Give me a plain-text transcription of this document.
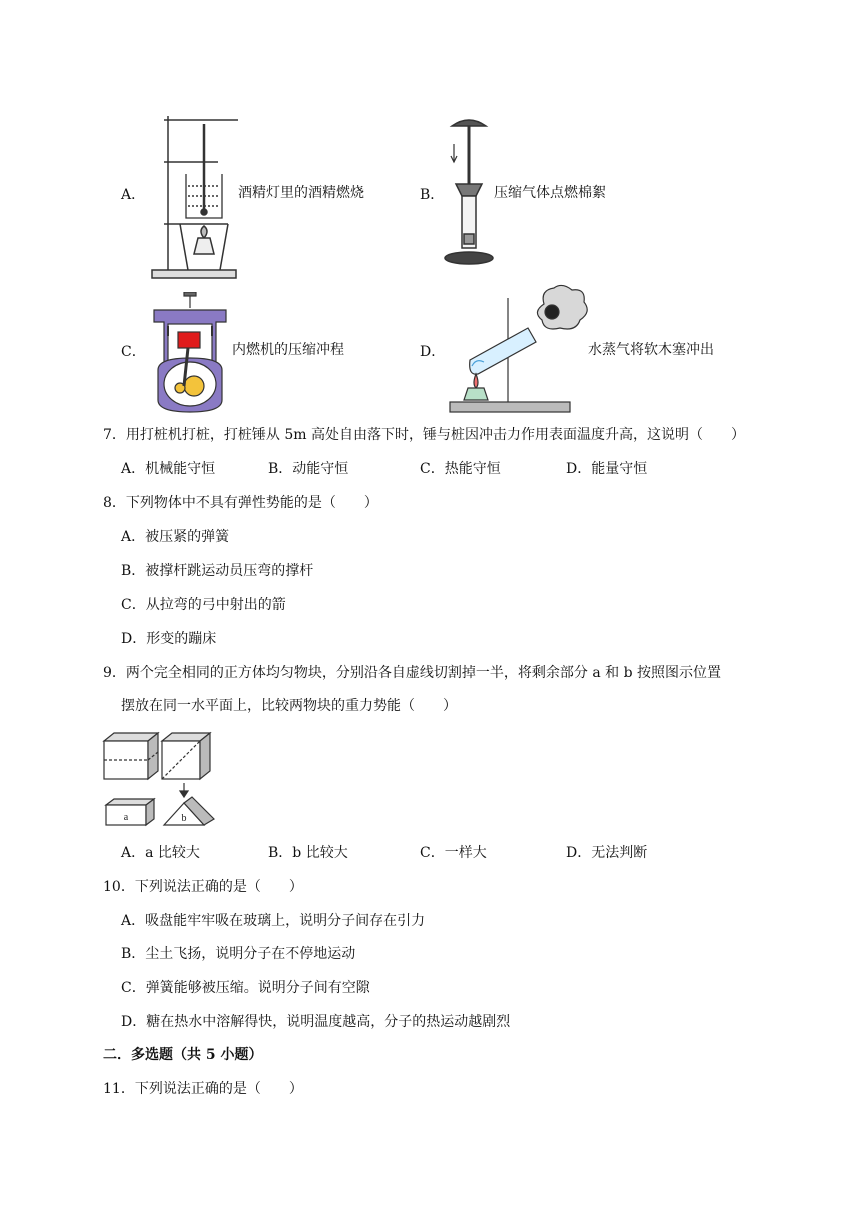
A．	酒精灯里的酒精燃烧	B．	压缩气体点燃棉絮
C．	内燃机的压缩冲程	D．	水蒸气将软木塞冲出
7．用打桩机打桩，打桩锤从 5m 高处自由落下时，锤与桩因冲击力作用表面温度升高，这说明（　　）
A．机械能守恒	B．动能守恒	C．热能守恒	D．能量守恒
8．下列物体中不具有弹性势能的是（　　）
A．被压紧的弹簧
B．被撑杆跳运动员压弯的撑杆
C．从拉弯的弓中射出的箭
D．形变的蹦床
9．两个完全相同的正方体均匀物块，分别沿各自虚线切割掉一半，将剩余部分 a 和 b 按照图示位置
摆放在同一水平面上，比较两物块的重力势能（　　）
a	b
A．a 比较大	B．b 比较大	C．一样大	D．无法判断
10．下列说法正确的是（　　）
A．吸盘能牢牢吸在玻璃上，说明分子间存在引力
B．尘土飞扬，说明分子在不停地运动
C．弹簧能够被压缩。说明分子间有空隙
D．糖在热水中溶解得快，说明温度越高，分子的热运动越剧烈
二．多选题（共 5 小题）
11．下列说法正确的是（　　）
